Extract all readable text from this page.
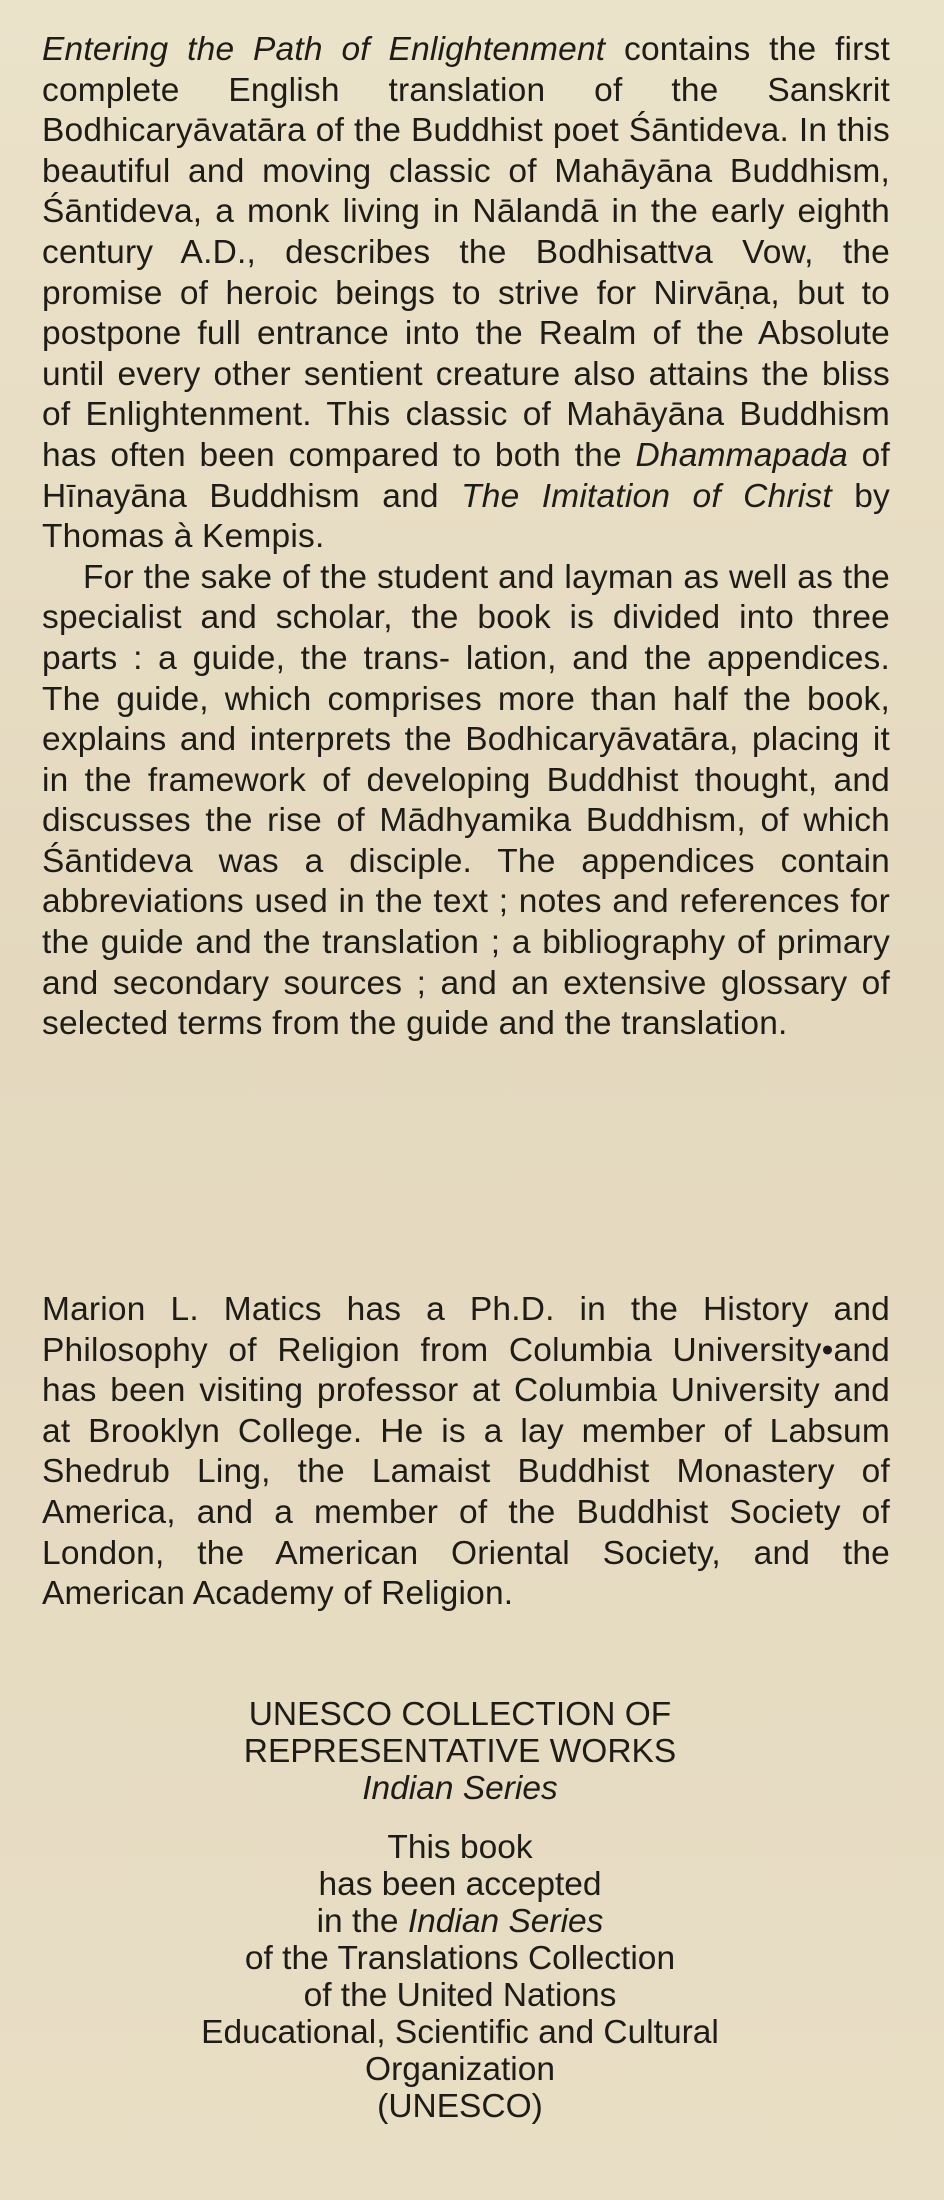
Entering the Path of Enlightenment contains the first complete English translation of the Sanskrit Bodhicaryāvatāra of the Buddhist poet Śāntideva. In this beautiful and moving classic of Mahāyāna Buddhism, Śāntideva, a monk living in Nālandā in the early eighth century A.D., describes the Bodhisattva Vow, the promise of heroic beings to strive for Nirvāṇa, but to postpone full entrance into the Realm of the Absolute until every other sentient creature also attains the bliss of Enlightenment. This classic of Mahāyāna Buddhism has often been compared to both the Dhammapada of Hīnayāna Buddhism and The Imitation of Christ by Thomas à Kempis.

For the sake of the student and layman as well as the specialist and scholar, the book is divided into three parts : a guide, the trans- lation, and the appendices. The guide, which comprises more than half the book, explains and interprets the Bodhicaryāvatāra, placing it in the framework of developing Buddhist thought, and discusses the rise of Mādhyamika Buddhism, of which Śāntideva was a disciple. The appendices contain abbreviations used in the text ; notes and references for the guide and the translation ; a bibliography of primary and secondary sources ; and an extensive glossary of selected terms from the guide and the translation.

Marion L. Matics has a Ph.D. in the History and Philosophy of Religion from Columbia University•and has been visiting professor at Columbia University and at Brooklyn College. He is a lay member of Labsum Shedrub Ling, the Lamaist Buddhist Monastery of America, and a member of the Buddhist Society of London, the American Oriental Society, and the American Academy of Religion.

UNESCO COLLECTION OF
REPRESENTATIVE WORKS
Indian Series
This book
has been accepted
in the Indian Series
of the Translations Collection
of the United Nations
Educational, Scientific and Cultural
Organization
(UNESCO)
